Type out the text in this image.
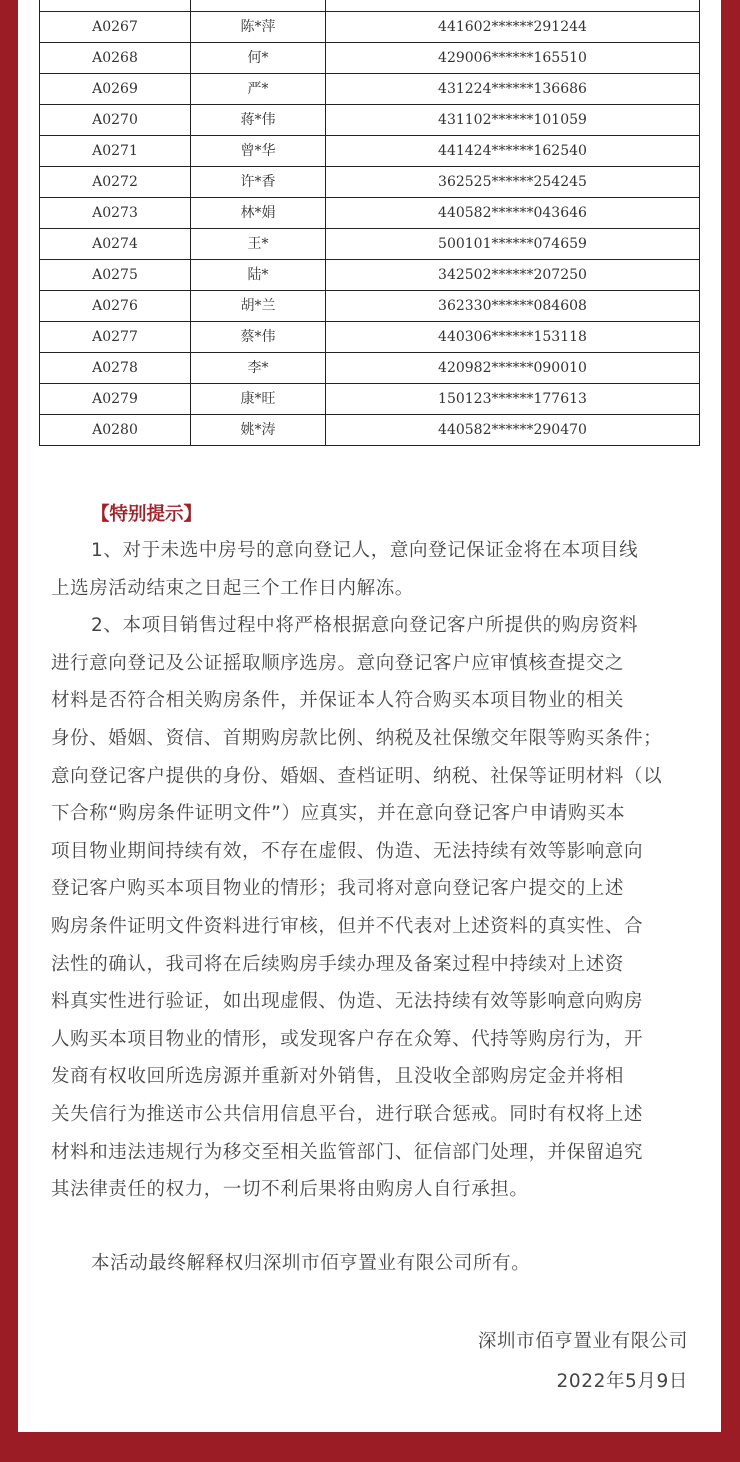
A0267	陈*萍	441602******291244
A0268	何*	429006******165510
A0269	严*	431224******136686
A0270	蒋*伟	431102******101059
A0271	曾*华	441424******162540
A0272	许*香	362525******254245
A0273	林*娟	440582******043646
A0274	王*	500101******074659
A0275	陆*	342502******207250
A0276	胡*兰	362330******084608
A0277	蔡*伟	440306******153118
A0278	李*	420982******090010
A0279	康*旺	150123******177613
A0280	姚*涛	440582******290470
【特别提示】
1、对于未选中房号的意向登记人，意向登记保证金将在本项目线
上选房活动结束之日起三个工作日内解冻。
2、本项目销售过程中将严格根据意向登记客户所提供的购房资料
进行意向登记及公证摇取顺序选房。意向登记客户应审慎核查提交之
材料是否符合相关购房条件，并保证本人符合购买本项目物业的相关
身份、婚姻、资信、首期购房款比例、纳税及社保缴交年限等购买条件；
意向登记客户提供的身份、婚姻、查档证明、纳税、社保等证明材料（以
下合称“购房条件证明文件”）应真实，并在意向登记客户申请购买本
项目物业期间持续有效，不存在虚假、伪造、无法持续有效等影响意向
登记客户购买本项目物业的情形；我司将对意向登记客户提交的上述
购房条件证明文件资料进行审核，但并不代表对上述资料的真实性、合
法性的确认，我司将在后续购房手续办理及备案过程中持续对上述资
料真实性进行验证，如出现虚假、伪造、无法持续有效等影响意向购房
人购买本项目物业的情形，或发现客户存在众筹、代持等购房行为，开
发商有权收回所选房源并重新对外销售，且没收全部购房定金并将相
关失信行为推送市公共信用信息平台，进行联合惩戒。同时有权将上述
材料和违法违规行为移交至相关监管部门、征信部门处理，并保留追究
其法律责任的权力，一切不利后果将由购房人自行承担。
本活动最终解释权归深圳市佰亨置业有限公司所有。
深圳市佰亨置业有限公司
2022年5月9日
